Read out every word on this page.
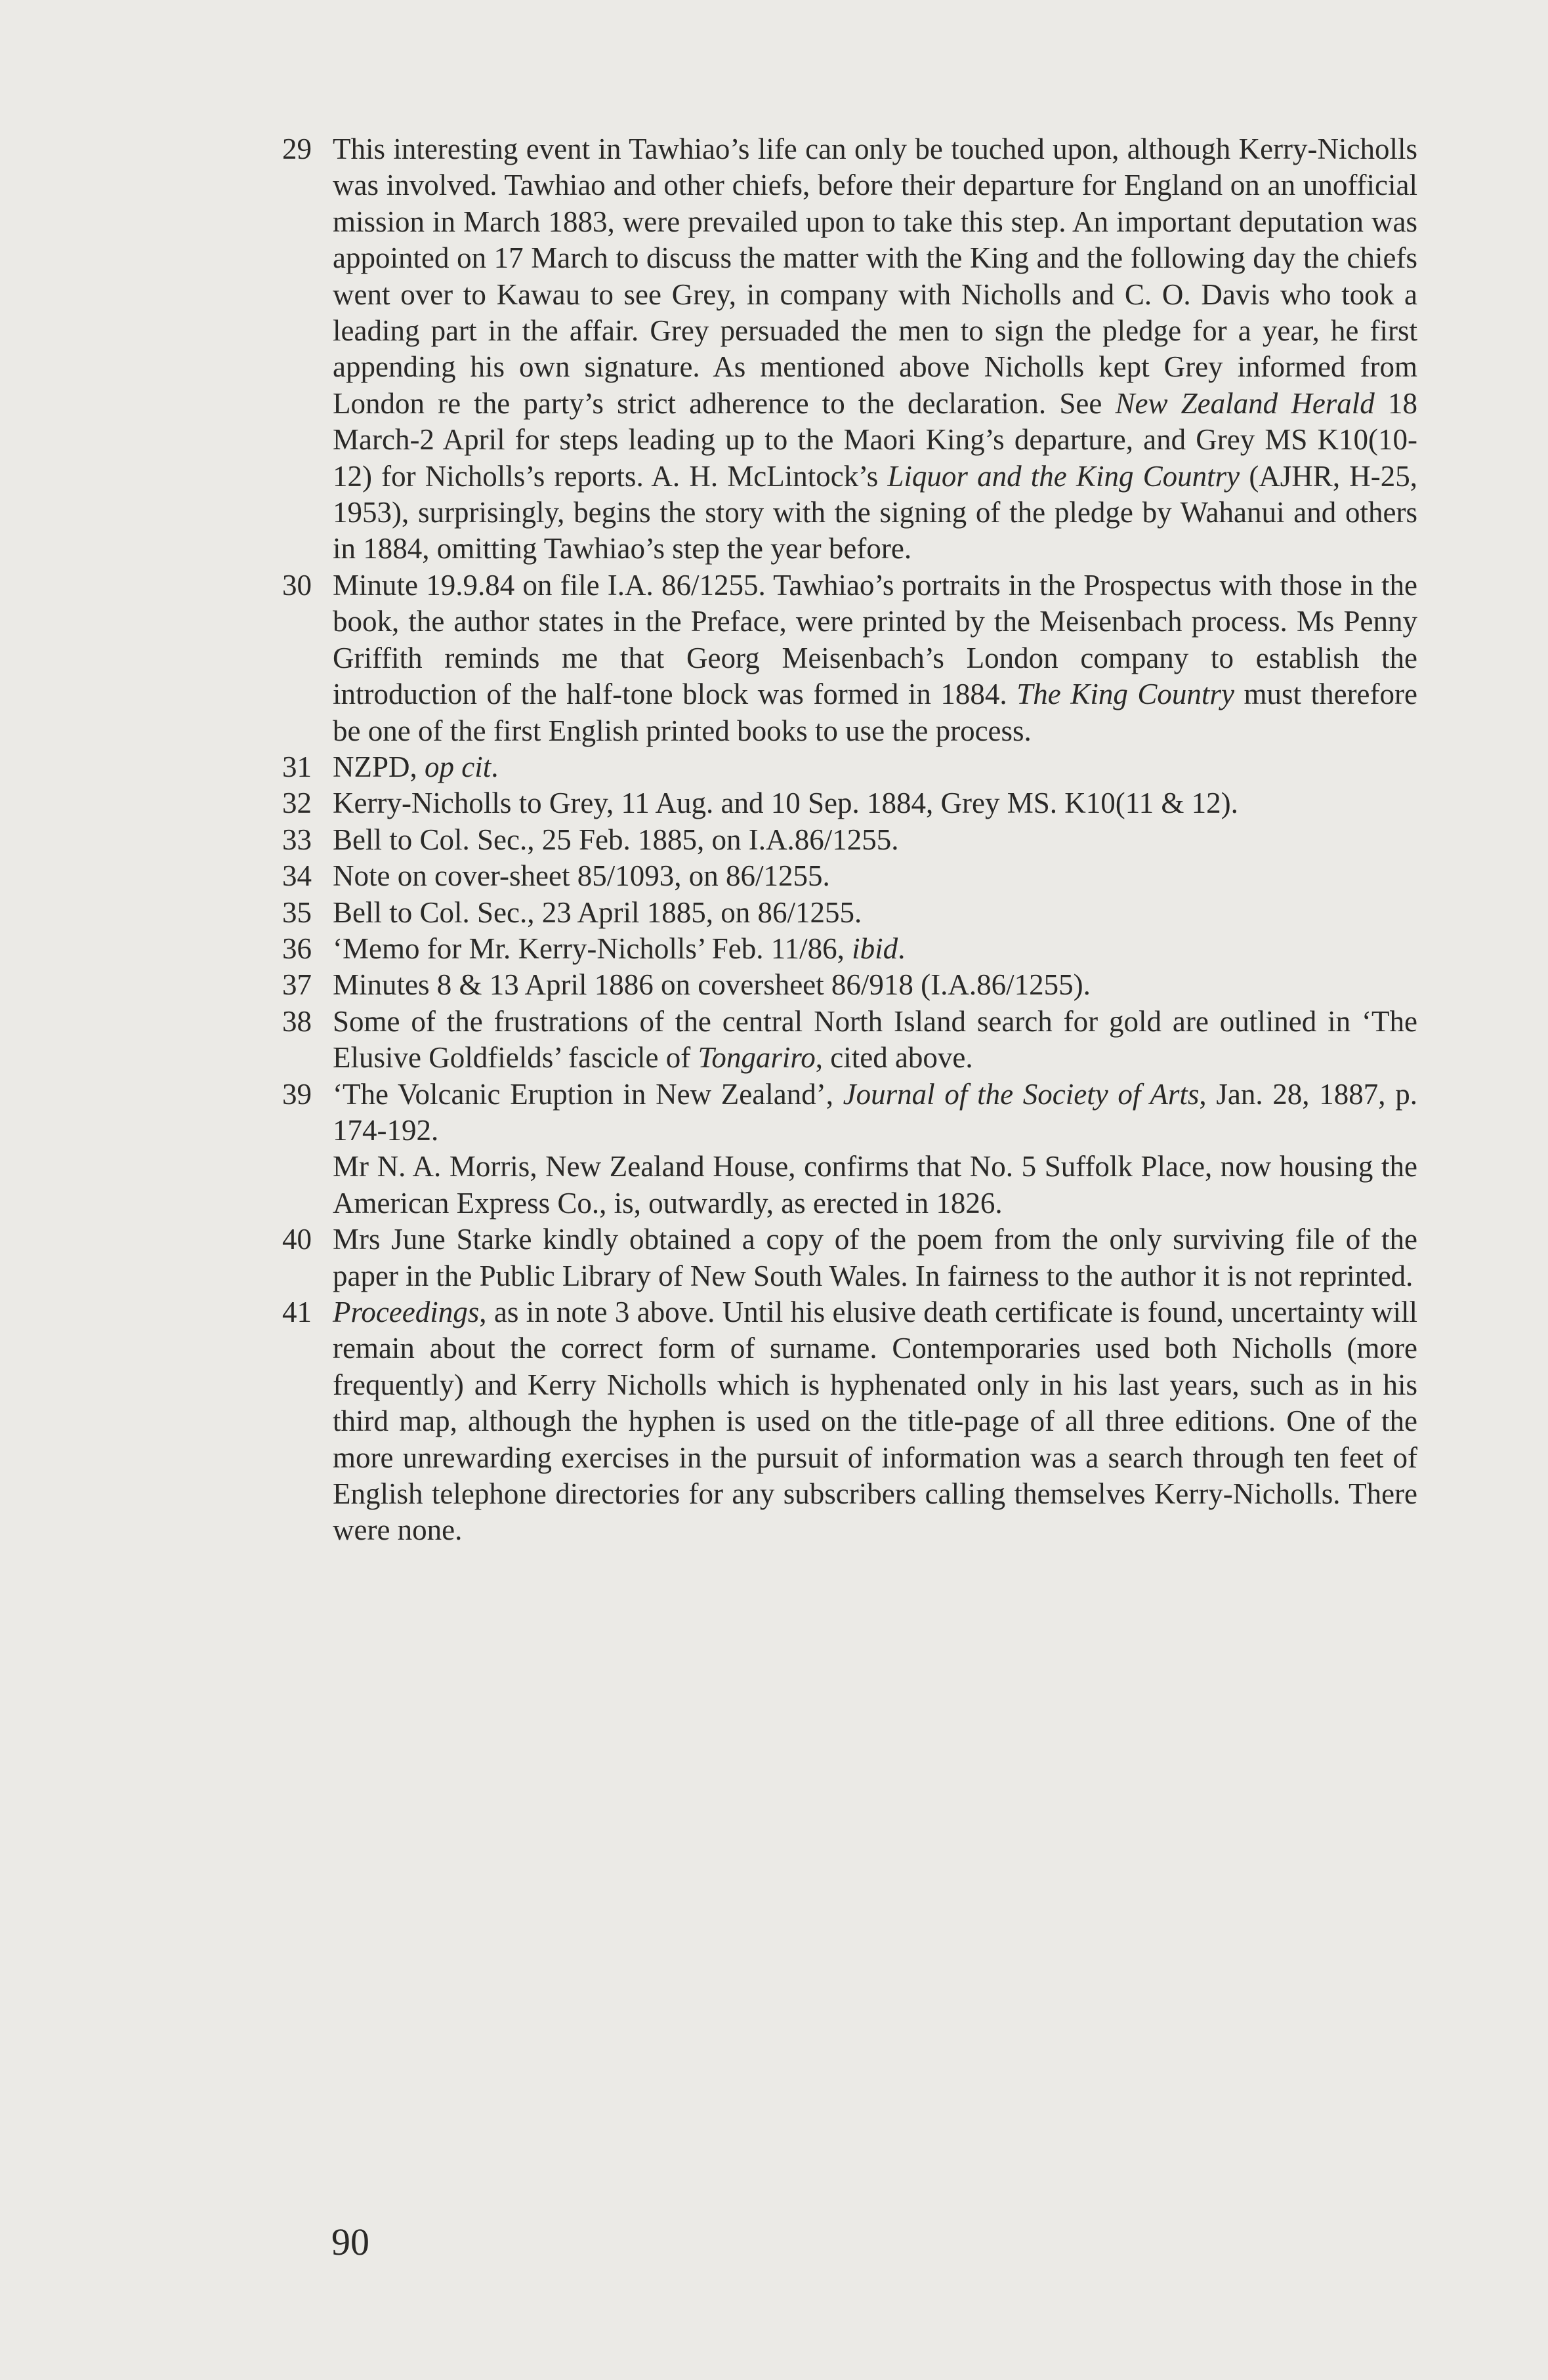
29 This interesting event in Tawhiao’s life can only be touched upon, although Kerry-Nicholls was involved. Tawhiao and other chiefs, before their departure for England on an unofficial mission in March 1883, were prevailed upon to take this step. An important deputation was appointed on 17 March to discuss the matter with the King and the following day the chiefs went over to Kawau to see Grey, in company with Nicholls and C. O. Davis who took a leading part in the affair. Grey persuaded the men to sign the pledge for a year, he first appending his own signature. As mentioned above Nicholls kept Grey informed from London re the party’s strict adherence to the declaration. See New Zealand Herald 18 March-2 April for steps leading up to the Maori King’s departure, and Grey MS K10(10-12) for Nicholls’s reports. A. H. McLintock’s Liquor and the King Country (AJHR, H-25, 1953), surprisingly, begins the story with the signing of the pledge by Wahanui and others in 1884, omitting Tawhiao’s step the year before.
30 Minute 19.9.84 on file I.A. 86/1255. Tawhiao’s portraits in the Prospectus with those in the book, the author states in the Preface, were printed by the Meisenbach process. Ms Penny Griffith reminds me that Georg Meisenbach’s London company to establish the introduction of the half-tone block was formed in 1884. The King Country must therefore be one of the first English printed books to use the process.
31 NZPD, op cit.
32 Kerry-Nicholls to Grey, 11 Aug. and 10 Sep. 1884, Grey MS. K10(11 & 12).
33 Bell to Col. Sec., 25 Feb. 1885, on I.A.86/1255.
34 Note on cover-sheet 85/1093, on 86/1255.
35 Bell to Col. Sec., 23 April 1885, on 86/1255.
36 ‘Memo for Mr. Kerry-Nicholls’ Feb. 11/86, ibid.
37 Minutes 8 & 13 April 1886 on coversheet 86/918 (I.A.86/1255).
38 Some of the frustrations of the central North Island search for gold are outlined in ‘The Elusive Goldfields’ fascicle of Tongariro, cited above.
39 ‘The Volcanic Eruption in New Zealand’, Journal of the Society of Arts, Jan. 28, 1887, p. 174-192.
Mr N. A. Morris, New Zealand House, confirms that No. 5 Suffolk Place, now housing the American Express Co., is, outwardly, as erected in 1826.
40 Mrs June Starke kindly obtained a copy of the poem from the only surviving file of the paper in the Public Library of New South Wales. In fairness to the author it is not reprinted.
41 Proceedings, as in note 3 above. Until his elusive death certificate is found, uncertainty will remain about the correct form of surname. Contemporaries used both Nicholls (more frequently) and Kerry Nicholls which is hyphenated only in his last years, such as in his third map, although the hyphen is used on the title-page of all three editions. One of the more unrewarding exercises in the pursuit of information was a search through ten feet of English telephone directories for any subscribers calling themselves Kerry-Nicholls. There were none.
90
